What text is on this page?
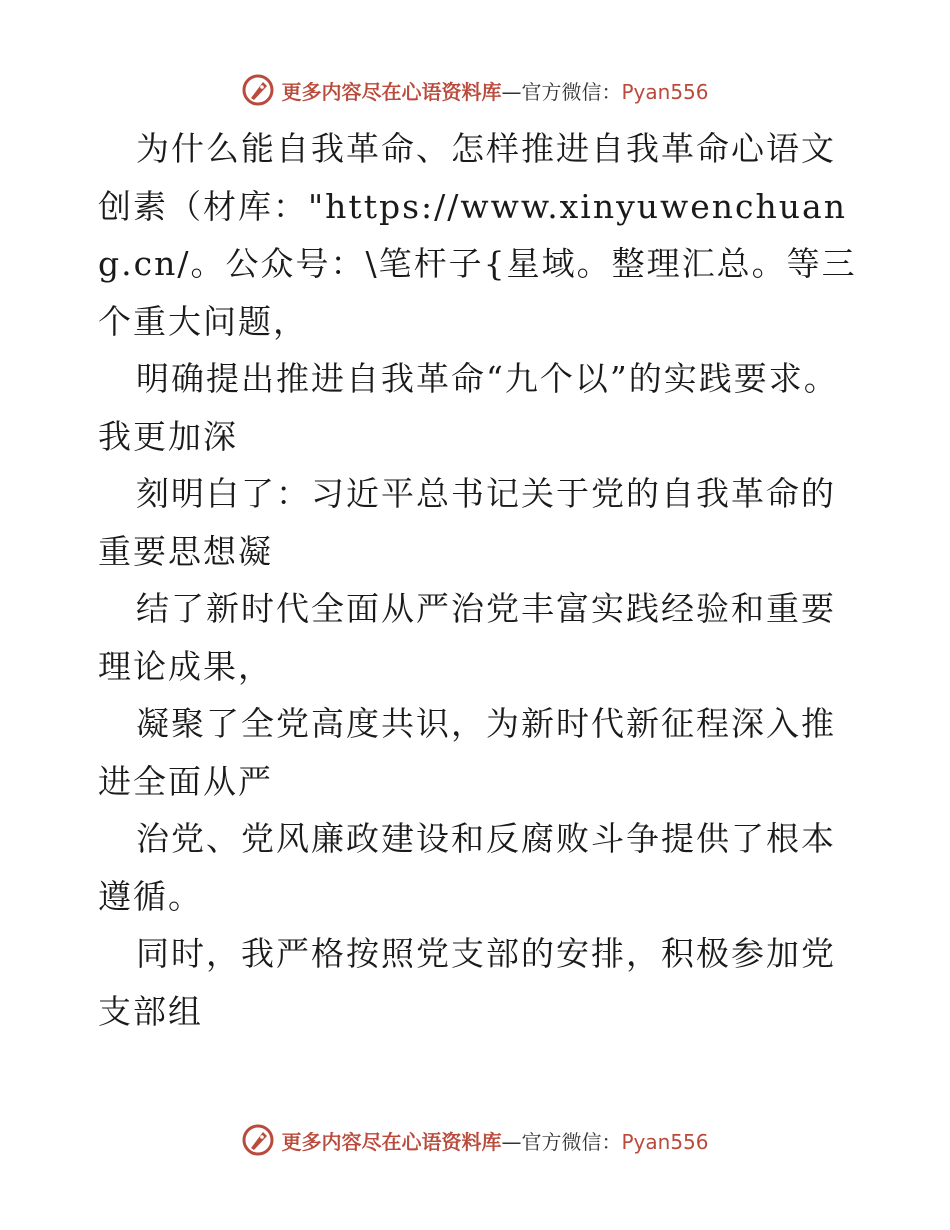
更多内容尽在心语资料库—官方微信：Pyan556

为什么能自我革命、怎样推进自我革命心语文创素（材库："https://www.xinyuwenchuang.cn/。公众号：\笔杆子{星域。整理汇总。等三个重大问题，

明确提出推进自我革命“九个以”的实践要求。我更加深

刻明白了：习近平总书记关于党的自我革命的重要思想凝

结了新时代全面从严治党丰富实践经验和重要理论成果，

凝聚了全党高度共识，为新时代新征程深入推进全面从严

治党、党风廉政建设和反腐败斗争提供了根本遵循。

同时，我严格按照党支部的安排，积极参加党支部组

更多内容尽在心语资料库—官方微信：Pyan556
